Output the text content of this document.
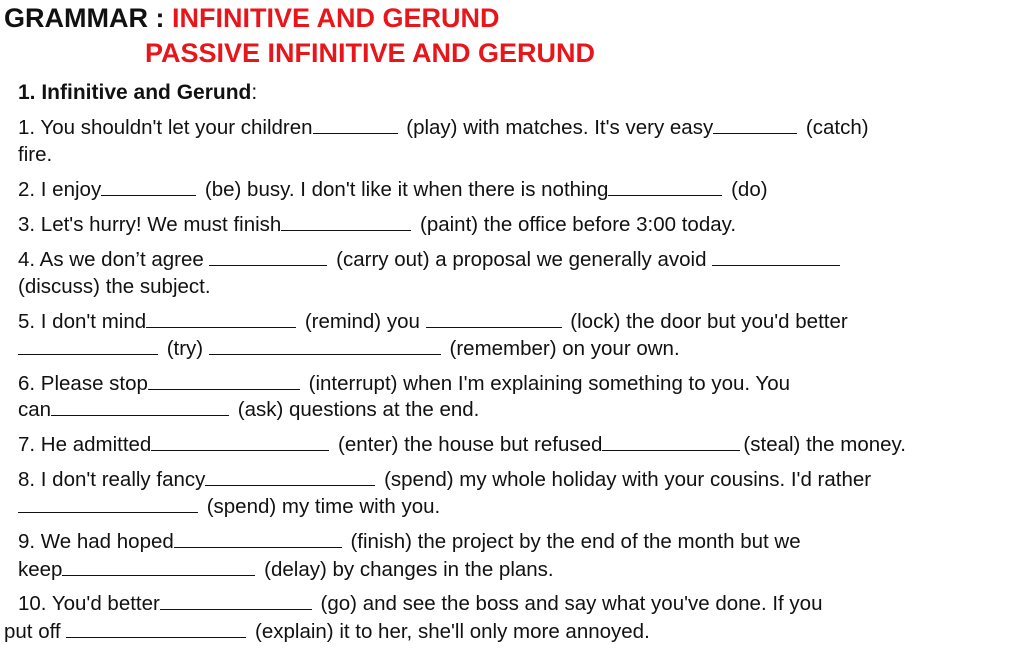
GRAMMAR : INFINITIVE AND GERUND
PASSIVE INFINITIVE AND GERUND
1. Infinitive and Gerund:
1. You shouldn't let your children	(play) with matches. It's very easy	(catch)
fire.
2. I enjoy	(be) busy. I don't like it when there is nothing	(do)
3. Let's hurry! We must finish	(paint) the office before 3:00 today.
4. As we don’t agree	(carry out) a proposal we generally avoid
(discuss) the subject.
5. I don't mind	(remind) you	(lock) the door but you'd better
(try)	(remember) on your own.
6. Please stop	(interrupt) when I'm explaining something to you. You
can	(ask) questions at the end.
7. He admitted	(enter) the house but refused	(steal) the money.
8. I don't really fancy	(spend) my whole holiday with your cousins. I'd rather
(spend) my time with you.
9. We had hoped	(finish) the project by the end of the month but we
keep	(delay) by changes in the plans.
10. You'd better	(go) and see the boss and say what you've done. If you
put off	(explain) it to her, she'll only more annoyed.
